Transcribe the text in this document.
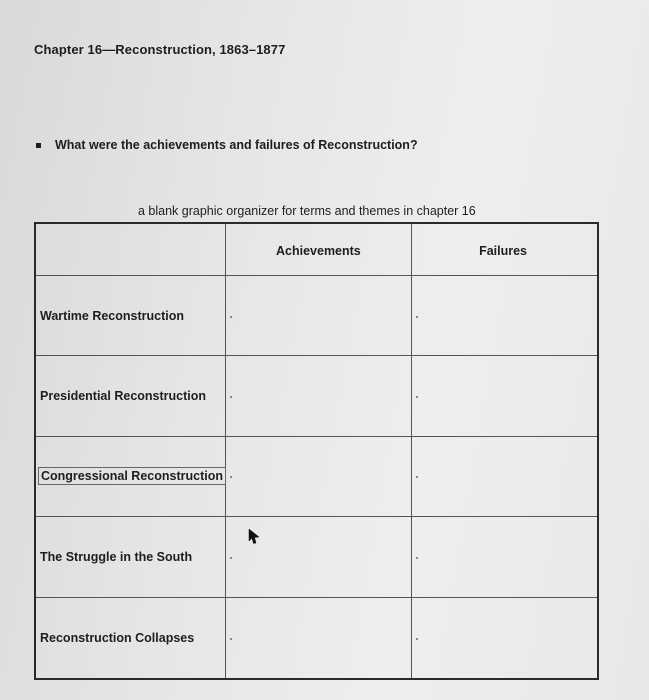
Chapter 16—Reconstruction, 1863–1877
What were the achievements and failures of Reconstruction?
a blank graphic organizer for terms and themes in chapter 16
Achievements	Failures
Wartime Reconstruction
Presidential Reconstruction
Congressional Reconstruction
The Struggle in the South
Reconstruction Collapses
